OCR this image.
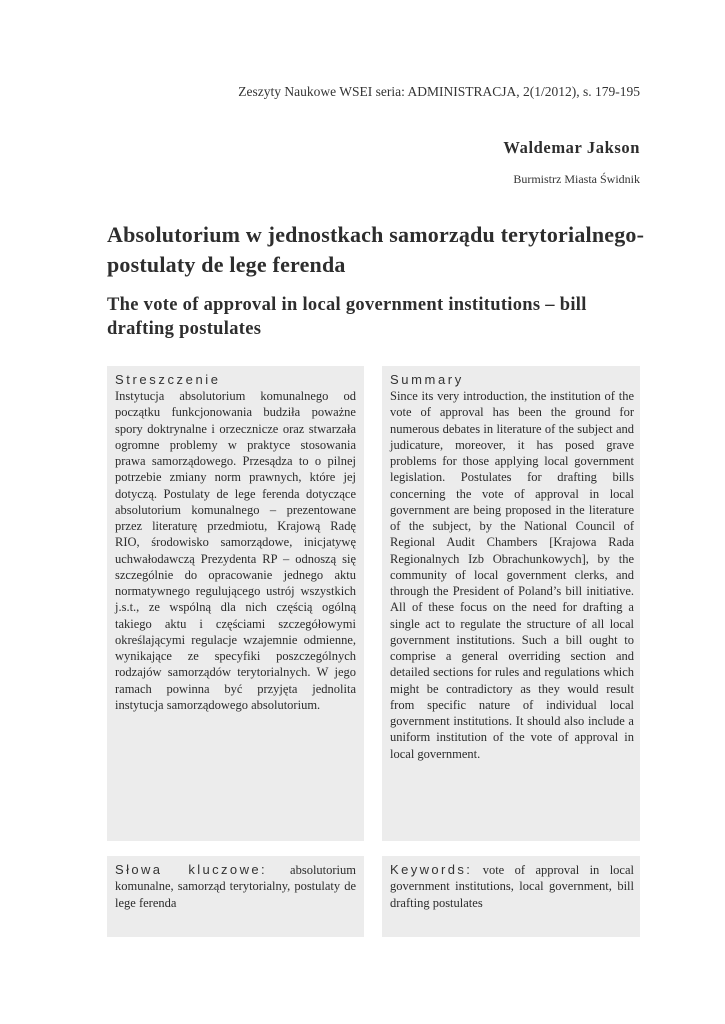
Zeszyty Naukowe WSEI seria: ADMINISTRACJA, 2(1/2012), s. 179-195
Waldemar Jakson
Burmistrz Miasta Świdnik
Absolutorium w jednostkach samorządu terytorialnego-postulaty de lege ferenda
The vote of approval in local government institutions – bill drafting postulates
Streszczenie
Instytucja absolutorium komunalnego od początku funkcjonowania budziła poważne spory doktrynalne i orzecznicze oraz stwarzała ogromne problemy w praktyce stosowania prawa samorządowego. Przesądza to o pilnej potrzebie zmiany norm prawnych, które jej dotyczą. Postulaty de lege ferenda dotyczące absolutorium komunalnego – prezentowane przez literaturę przedmiotu, Krajową Radę RIO, środowisko samorządowe, inicjatywę uchwałodawczą Prezydenta RP – odnoszą się szczególnie do opracowanie jednego aktu normatywnego regulującego ustrój wszystkich j.s.t., ze wspólną dla nich częścią ogólną takiego aktu i częściami szczegółowymi określającymi regulacje wzajemnie odmienne, wynikające ze specyfiki poszczególnych rodzajów samorządów terytorialnych. W jego ramach powinna być przyjęta jednolita instytucja samorządowego absolutorium.
Summary
Since its very introduction, the institution of the vote of approval has been the ground for numerous debates in literature of the subject and judicature, moreover, it has posed grave problems for those applying local government legislation. Postulates for drafting bills concerning the vote of approval in local government are being proposed in the literature of the subject, by the National Council of Regional Audit Chambers [Krajowa Rada Regionalnych Izb Obrachunkowych], by the community of local government clerks, and through the President of Poland’s bill initiative. All of these focus on the need for drafting a single act to regulate the structure of all local government institutions. Such a bill ought to comprise a general overriding section and detailed sections for rules and regulations which might be contradictory as they would result from specific nature of individual local government institutions. It should also include a uniform institution of the vote of approval in local government.

Słowa kluczowe: absolutorium komunalne, samorząd terytorialny, postulaty de lege ferenda

Keywords: vote of approval in local government institutions, local government, bill drafting postulates
